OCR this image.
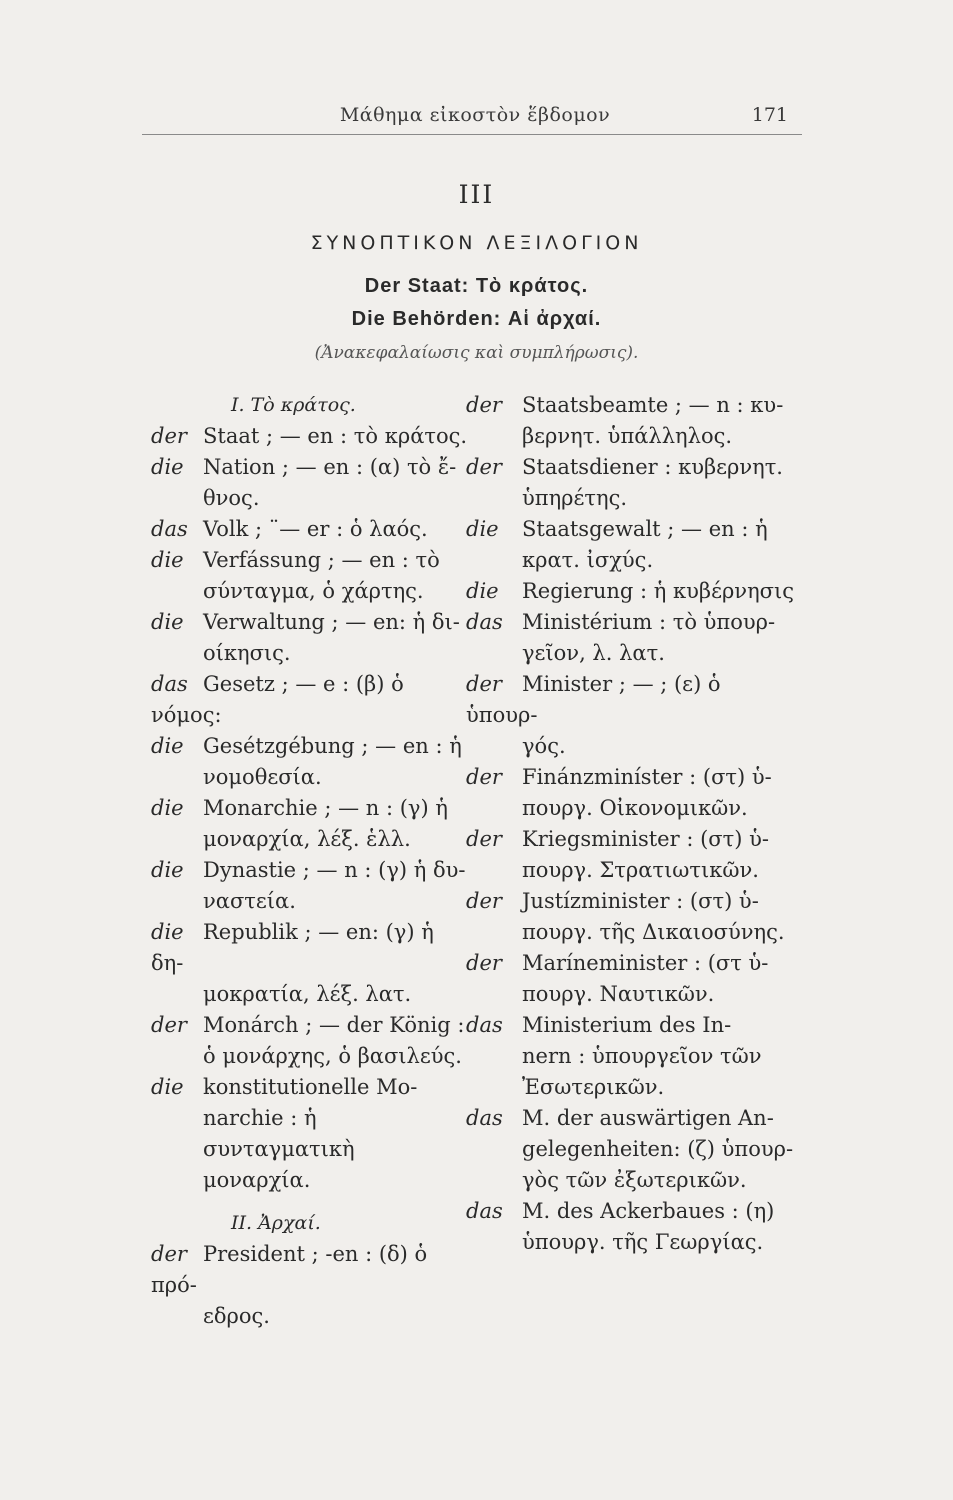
Μάθημα εἰκοστὸν ἕβδομον	171
III
ΣΥΝΟΠΤΙΚΟΝ ΛΕΞΙΛΟΓΙΟΝ
Der Staat: Τὸ κράτος.
Die Behörden: Αἱ ἀρχαί.
(Ἀνακεφαλαίωσις καὶ συμπλήρωσις).
I. Τὸ κράτος.
der Staat ; — en : τὸ κράτος.
die Nation ; — en : (α) τὸ ἔ-
θνος.
das Volk ; ¨— er : ὁ λαός.
die Verfássung ; — en : τὸ
σύνταγμα, ὁ χάρτης.
die Verwaltung ; — en: ἡ δι-
οίκησις.
das Gesetz ; — e : (β) ὁ νόμος:
die Gesétzgébung ; — en : ἡ
νομοθεσία.
die Monarchie ; — n : (γ) ἡ
μοναρχία, λέξ. ἑλλ.
die Dynastie ; — n : (γ) ἡ δυ-
ναστεία.
die Republik ; — en: (γ) ἡ δη-
μοκρατία, λέξ. λατ.
der Monárch ; — der König :
ὁ μονάρχης, ὁ βασιλεύς.
die konstitutionelle Mo-
narchie : ἡ συνταγματικὴ
μοναρχία.
II. Ἀρχαί.
der President ; -en : (δ) ὁ πρό-
εδρος.
der Staatsbeamte ; — n : κυ-
βερνητ. ὑπάλληλος.
der Staatsdiener : κυβερνητ.
ὑπηρέτης.
die Staatsgewalt ; — en : ἡ
κρατ. ἰσχύς.
die Regierung : ἡ κυβέρνησις
das Ministérium : τὸ ὑπουρ-
γεῖον, λ. λατ.
der Minister ; — ; (ε) ὁ ὑπουρ-
γός.
der Finánzminíster : (στ) ὑ-
πουργ. Οἰκονομικῶν.
der Kriegsminister : (στ) ὑ-
πουργ. Στρατιωτικῶν.
der Justízminister : (στ) ὑ-
πουργ. τῆς Δικαιοσύνης.
der Maríneminister : (στ ὑ-
πουργ. Ναυτικῶν.
das Ministerium des In-
nern : ὑπουργεῖον τῶν
Ἐσωτερικῶν.
das M. der auswärtigen An-
gelegenheiten: (ζ) ὑπουρ-
γὸς τῶν ἐξωτερικῶν.
das M. des Ackerbaues : (η)
ὑπουργ. τῆς Γεωργίας.
